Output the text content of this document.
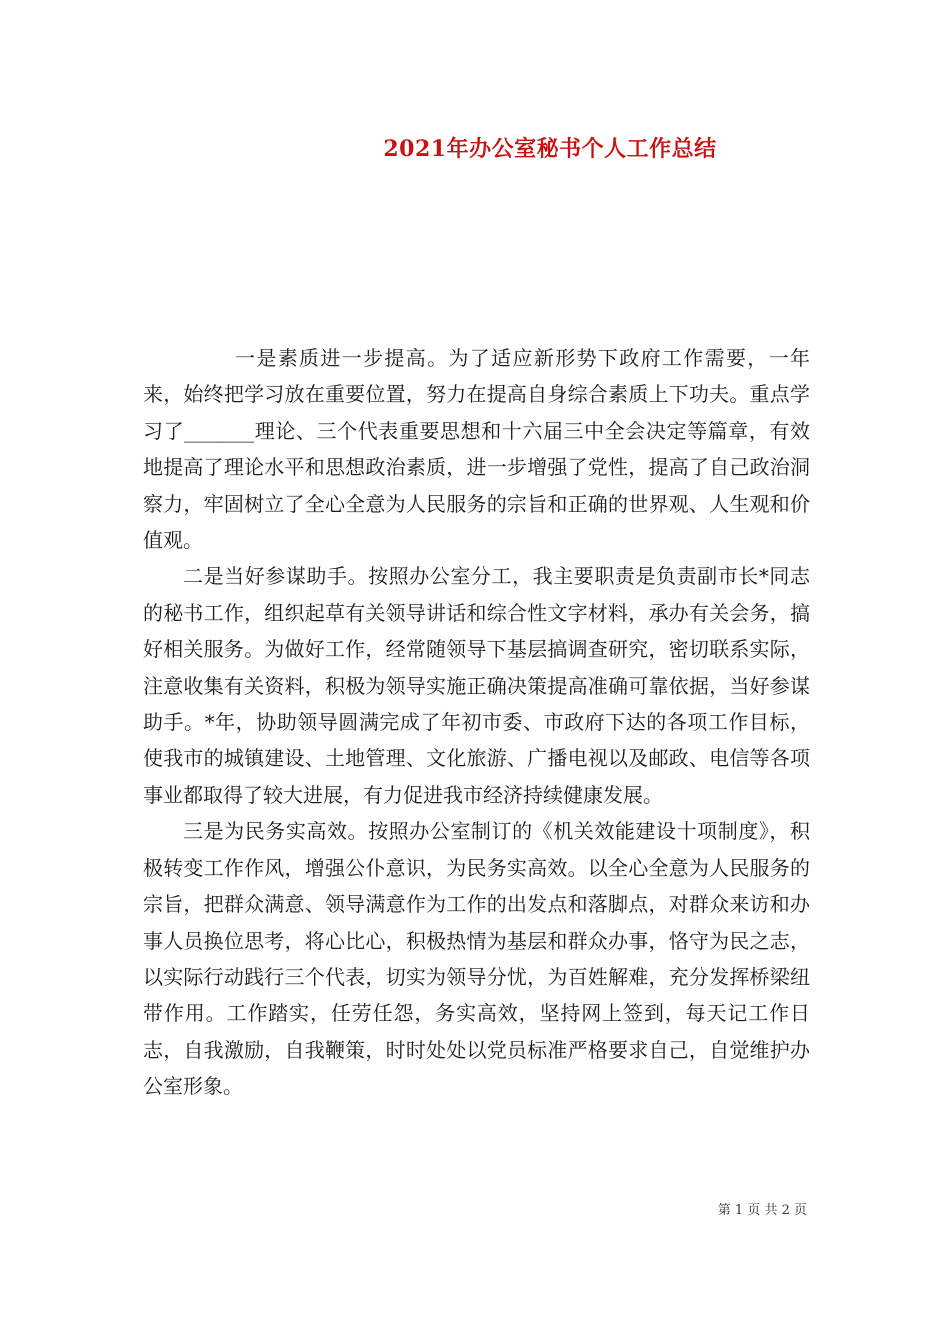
2021年办公室秘书个人工作总结

一是素质进一步提高。为了适应新形势下政府工作需要，一年来，始终把学习放在重要位置，努力在提高自身综合素质上下功夫。重点学习了_______理论、三个代表重要思想和十六届三中全会决定等篇章，有效地提高了理论水平和思想政治素质，进一步增强了党性，提高了自己政治洞察力，牢固树立了全心全意为人民服务的宗旨和正确的世界观、人生观和价值观。

二是当好参谋助手。按照办公室分工，我主要职责是负责副市长*同志的秘书工作，组织起草有关领导讲话和综合性文字材料，承办有关会务，搞好相关服务。为做好工作，经常随领导下基层搞调查研究，密切联系实际，注意收集有关资料，积极为领导实施正确决策提高准确可靠依据，当好参谋助手。*年，协助领导圆满完成了年初市委、市政府下达的各项工作目标，使我市的城镇建设、土地管理、文化旅游、广播电视以及邮政、电信等各项事业都取得了较大进展，有力促进我市经济持续健康发展。

三是为民务实高效。按照办公室制订的《机关效能建设十项制度》，积极转变工作作风，增强公仆意识，为民务实高效。以全心全意为人民服务的宗旨，把群众满意、领导满意作为工作的出发点和落脚点，对群众来访和办事人员换位思考，将心比心，积极热情为基层和群众办事，恪守为民之志，以实际行动践行三个代表，切实为领导分忧，为百姓解难，充分发挥桥梁纽带作用。工作踏实，任劳任怨，务实高效，坚持网上签到，每天记工作日志，自我激励，自我鞭策，时时处处以党员标准严格要求自己，自觉维护办公室形象。

第 1 页 共 2 页
